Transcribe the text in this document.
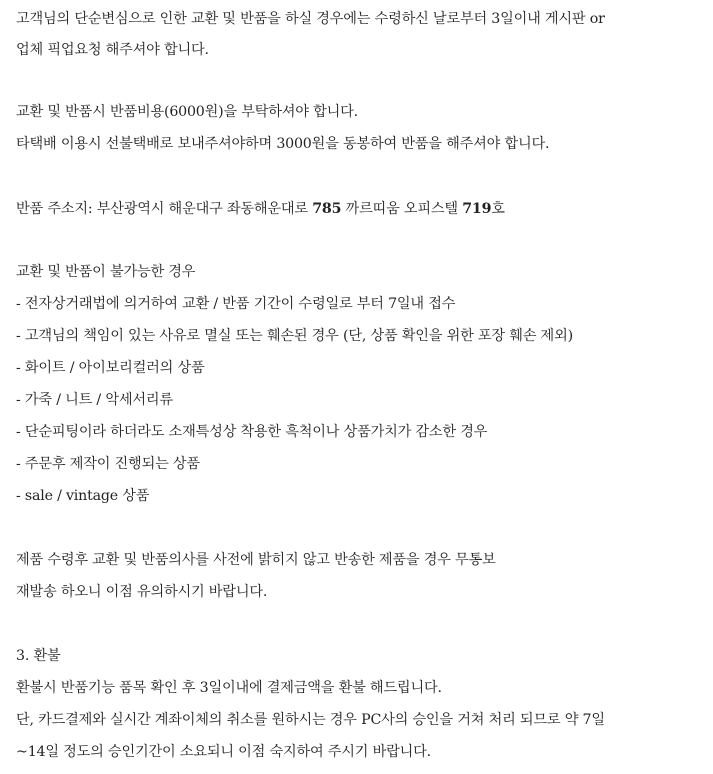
고객님의 단순변심으로 인한 교환 및 반품을 하실 경우에는 수령하신 날로부터 3일이내 게시판 or
업체 픽업요청 해주셔야 합니다.
교환 및 반품시 반품비용(6000원)을 부탁하셔야 합니다.
타택배 이용시 선불택배로 보내주셔야하며 3000원을 동봉하여 반품을 해주셔야 합니다.
반품 주소지: 부산광역시 해운대구 좌동해운대로 785 까르띠움 오피스텔 719호
교환 및 반품이 불가능한 경우
- 전자상거래법에 의거하여 교환 / 반품 기간이 수령일로 부터 7일내 접수
- 고객님의 책임이 있는 사유로 멸실 또는 훼손된 경우 (단, 상품 확인을 위한 포장 훼손 제외)
- 화이트 / 아이보리컬러의 상품
- 가죽 / 니트 / 악세서리류
- 단순피팅이라 하더라도 소재특성상 착용한 흑척이나 상품가치가 감소한 경우
- 주문후 제작이 진행되는 상품
- sale / vintage 상품
제품 수령후 교환 및 반품의사를 사전에 밝히지 않고 반송한 제품을 경우 무통보
재발송 하오니 이점 유의하시기 바랍니다.
3. 환불
환불시 반품기능 품목 확인 후 3일이내에 결제금액을 환불 해드립니다.
단, 카드결제와 실시간 계좌이체의 취소를 원하시는 경우 PC사의 승인을 거쳐 처리 되므로 약 7일
~14일 정도의 승인기간이 소요되니 이점 숙지하여 주시기 바랍니다.
